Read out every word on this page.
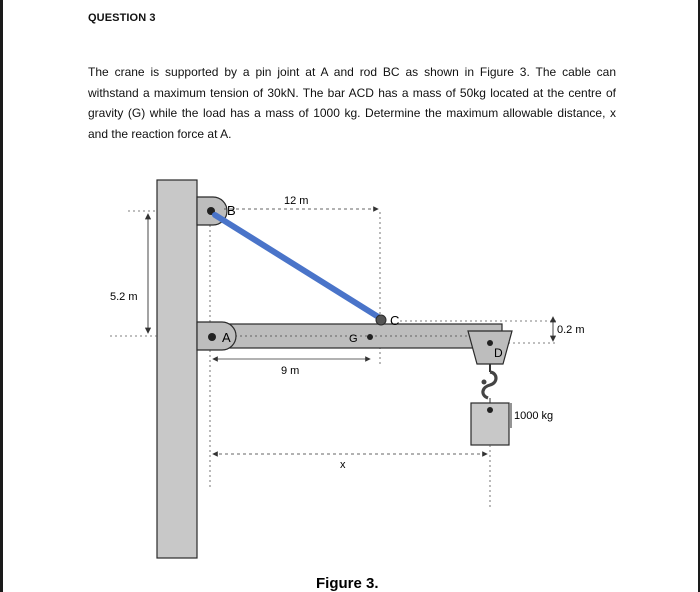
QUESTION 3
The crane is supported by a pin joint at A and rod BC as shown in Figure 3. The cable can withstand a maximum tension of 30kN. The bar ACD has a mass of 50kg located at the centre of gravity (G) while the load has a mass of 1000 kg. Determine the maximum allowable distance, x and the reaction force at A.
B
12 m
5.2 m
A
C
G
9 m
D
0.2 m
1000 kg
x
Figure 3.
